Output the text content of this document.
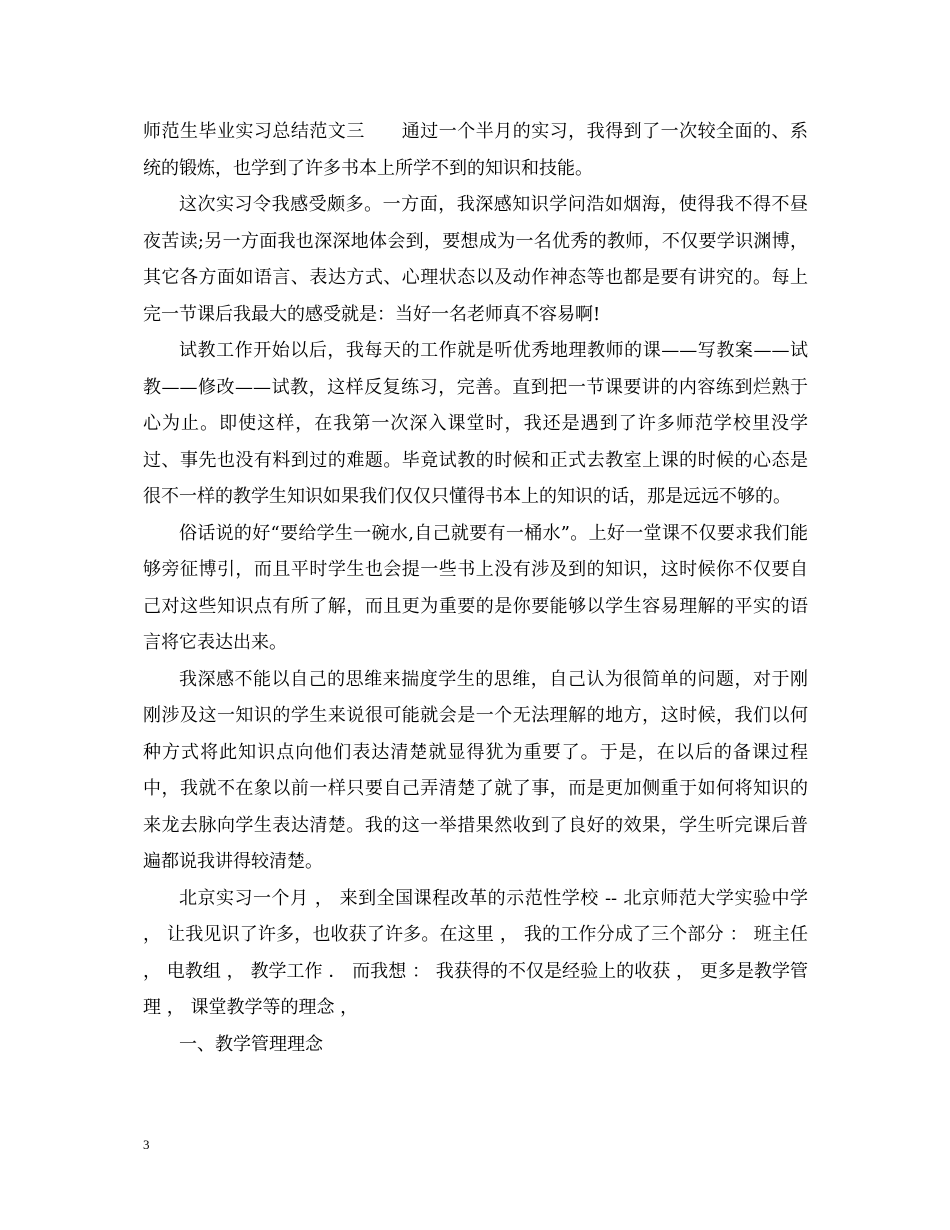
师范生毕业实习总结范文三　　通过一个半月的实习，我得到了一次较全面的、系统的锻炼，也学到了许多书本上所学不到的知识和技能。

这次实习令我感受颇多。一方面，我深感知识学问浩如烟海，使得我不得不昼夜苦读;另一方面我也深深地体会到，要想成为一名优秀的教师，不仅要学识渊博，其它各方面如语言、表达方式、心理状态以及动作神态等也都是要有讲究的。每上完一节课后我最大的感受就是：当好一名老师真不容易啊!

试教工作开始以后，我每天的工作就是听优秀地理教师的课——写教案——试教——修改——试教，这样反复练习，完善。直到把一节课要讲的内容练到烂熟于心为止。即使这样，在我第一次深入课堂时，我还是遇到了许多师范学校里没学过、事先也没有料到过的难题。毕竟试教的时候和正式去教室上课的时候的心态是很不一样的教学生知识如果我们仅仅只懂得书本上的知识的话，那是远远不够的。

俗话说的好“要给学生一碗水,自己就要有一桶水”。上好一堂课不仅要求我们能够旁征博引，而且平时学生也会提一些书上没有涉及到的知识，这时候你不仅要自己对这些知识点有所了解，而且更为重要的是你要能够以学生容易理解的平实的语言将它表达出来。

我深感不能以自己的思维来揣度学生的思维，自己认为很简单的问题，对于刚刚涉及这一知识的学生来说很可能就会是一个无法理解的地方，这时候，我们以何种方式将此知识点向他们表达清楚就显得犹为重要了。于是，在以后的备课过程中，我就不在象以前一样只要自己弄清楚了就了事，而是更加侧重于如何将知识的来龙去脉向学生表达清楚。我的这一举措果然收到了良好的效果，学生听完课后普遍都说我讲得较清楚。

北京实习一个月 ， 来到全国课程改革的示范性学校 -- 北京师范大学实验中学 ， 让我见识了许多，也收获了许多。在这里 ， 我的工作分成了三个部分 ： 班主任 ， 电教组 ， 教学工作 ． 而我想 ： 我获得的不仅是经验上的收获 ， 更多是教学管理 ， 课堂教学等的理念 ，

一、教学管理理念

3
